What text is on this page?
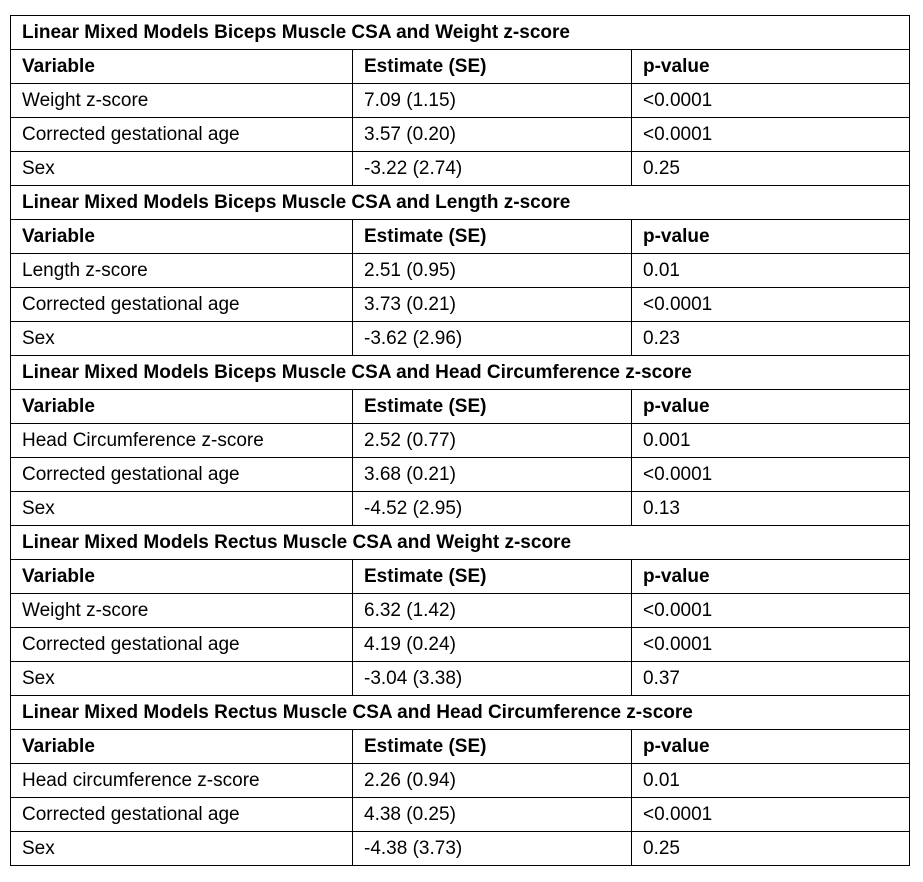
Linear Mixed Models Biceps Muscle CSA and Weight z-score		
Variable	Estimate (SE)	p-value
Weight z-score	7.09 (1.15)	<0.0001
Corrected gestational age	3.57 (0.20)	<0.0001
Sex	-3.22 (2.74)	0.25
Linear Mixed Models Biceps Muscle CSA and Length z-score		
Variable	Estimate (SE)	p-value
Length z-score	2.51 (0.95)	0.01
Corrected gestational age	3.73 (0.21)	<0.0001
Sex	-3.62 (2.96)	0.23
Linear Mixed Models Biceps Muscle CSA and Head Circumference z-score		
Variable	Estimate (SE)	p-value
Head Circumference z-score	2.52 (0.77)	0.001
Corrected gestational age	3.68 (0.21)	<0.0001
Sex	-4.52 (2.95)	0.13
Linear Mixed Models Rectus Muscle CSA and Weight z-score		
Variable	Estimate (SE)	p-value
Weight z-score	6.32 (1.42)	<0.0001
Corrected gestational age	4.19 (0.24)	<0.0001
Sex	-3.04 (3.38)	0.37
Linear Mixed Models Rectus Muscle CSA and Head Circumference z-score		
Variable	Estimate (SE)	p-value
Head circumference z-score	2.26 (0.94)	0.01
Corrected gestational age	4.38 (0.25)	<0.0001
Sex	-4.38 (3.73)	0.25
